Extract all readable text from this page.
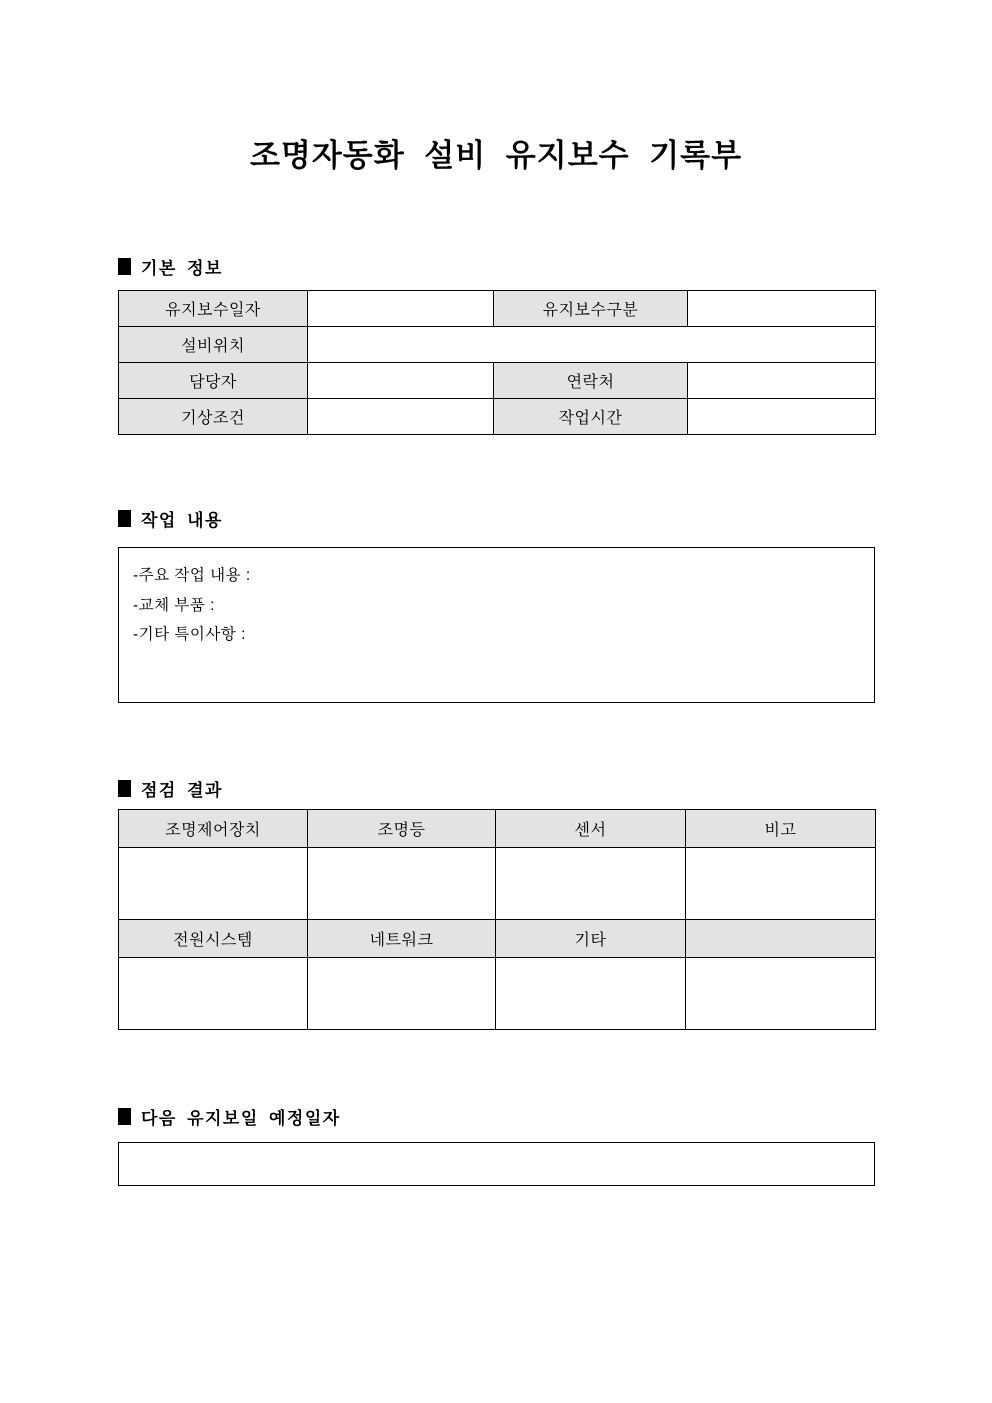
조명자동화 설비 유지보수 기록부
기본 정보
유지보수일자		유지보수구분	
설비위치			
담당자		연락처	
기상조건		작업시간	
작업 내용
-주요 작업 내용 :
-교체 부품 :
-기타 특이사항 :
점검 결과
조명제어장치	조명등	센서	비고

전원시스템	네트워크	기타	

다음 유지보일 예정일자
